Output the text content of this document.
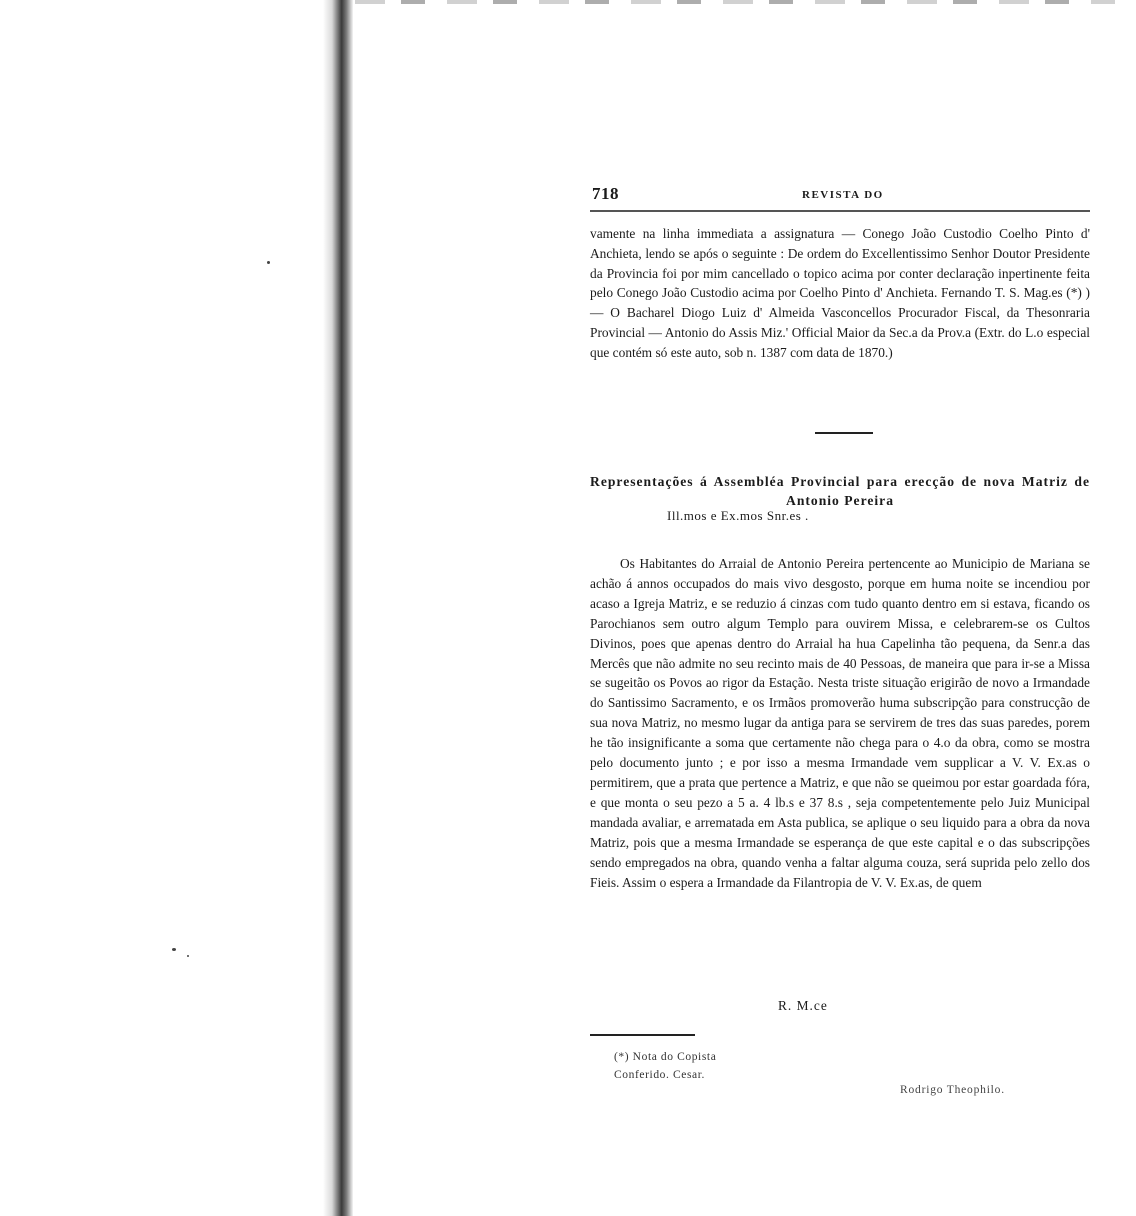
718	REVISTA DO
vamente na linha immediata a assignatura — Conego João Custodio Coelho Pinto d' Anchieta, lendo se após o seguinte : De ordem do Excellentissimo Senhor Doutor Presidente da Provincia foi por mim cancellado o topico acima por conter declaração inpertinente feita pelo Conego João Custodio acima por Coelho Pinto d' Anchieta. Fernando T. S. Mag.es (*) ) — O Bacharel Diogo Luiz d' Almeida Vasconcellos Procurador Fiscal, da Thesonraria Provincial — Antonio do Assis Miz.' Official Maior da Sec.a da Prov.a (Extr. do L.o especial que contém só este auto, sob n. 1387 com data de 1870.)
Representações á Assembléa Provincial para erecção de nova Matriz de Antonio Pereira
Ill.mos e Ex.mos Snr.es .
Os Habitantes do Arraial de Antonio Pereira pertencente ao Municipio de Mariana se achão á annos occupados do mais vivo desgosto, porque em huma noite se incendiou por acaso a Igreja Matriz, e se reduzio á cinzas com tudo quanto dentro em si estava, ficando os Parochianos sem outro algum Templo para ouvirem Missa, e celebrarem-se os Cultos Divinos, poes que apenas dentro do Arraial ha hua Capelinha tão pequena, da Senr.a das Mercês que não admite no seu recinto mais de 40 Pessoas, de maneira que para ir-se a Missa se sugeitão os Povos ao rigor da Estação. Nesta triste situação erigirão de novo a Irmandade do Santissimo Sacramento, e os Irmãos promoverão huma subscripção para construcção de sua nova Matriz, no mesmo lugar da antiga para se servirem de tres das suas paredes, porem he tão insignificante a soma que certamente não chega para o 4.o da obra, como se mostra pelo documento junto ; e por isso a mesma Irmandade vem supplicar a V. V. Ex.as o permitirem, que a prata que pertence a Matriz, e que não se queimou por estar goardada fóra, e que monta o seu pezo a 5 a. 4 lb.s e 37 8.s , seja competentemente pelo Juiz Municipal mandada avaliar, e arrematada em Asta publica, se aplique o seu liquido para a obra da nova Matriz, pois que a mesma Irmandade se esperança de que este capital e o das subscripções sendo empregados na obra, quando venha a faltar alguma couza, será suprida pelo zello dos Fieis. Assim o espera a Irmandade da Filantropia de V. V. Ex.as, de quem
R. M.ce
(*) Nota do Copista
Conferido. Cesar.
Rodrigo Theophilo.
